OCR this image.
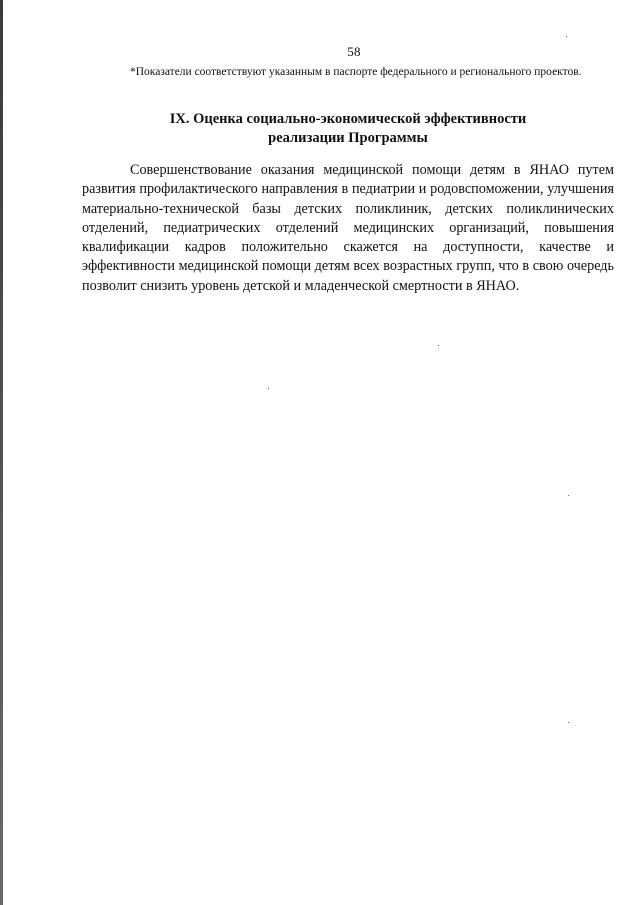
58
*Показатели соответствуют указанным в паспорте федерального и регионального проектов.
IX. Оценка социально-экономической эффективности
реализации Программы
Совершенствование оказания медицинской помощи детям в ЯНАО путем развития профилактического направления в педиатрии и родовспоможении, улучшения материально-технической базы детских поликлиник, детских поликлинических отделений, педиатрических отделений медицинских организаций, повышения квалификации кадров положительно скажется на доступности, качестве и эффективности медицинской помощи детям всех возрастных групп, что в свою очередь позволит снизить уровень детской и младенческой смертности в ЯНАО.
